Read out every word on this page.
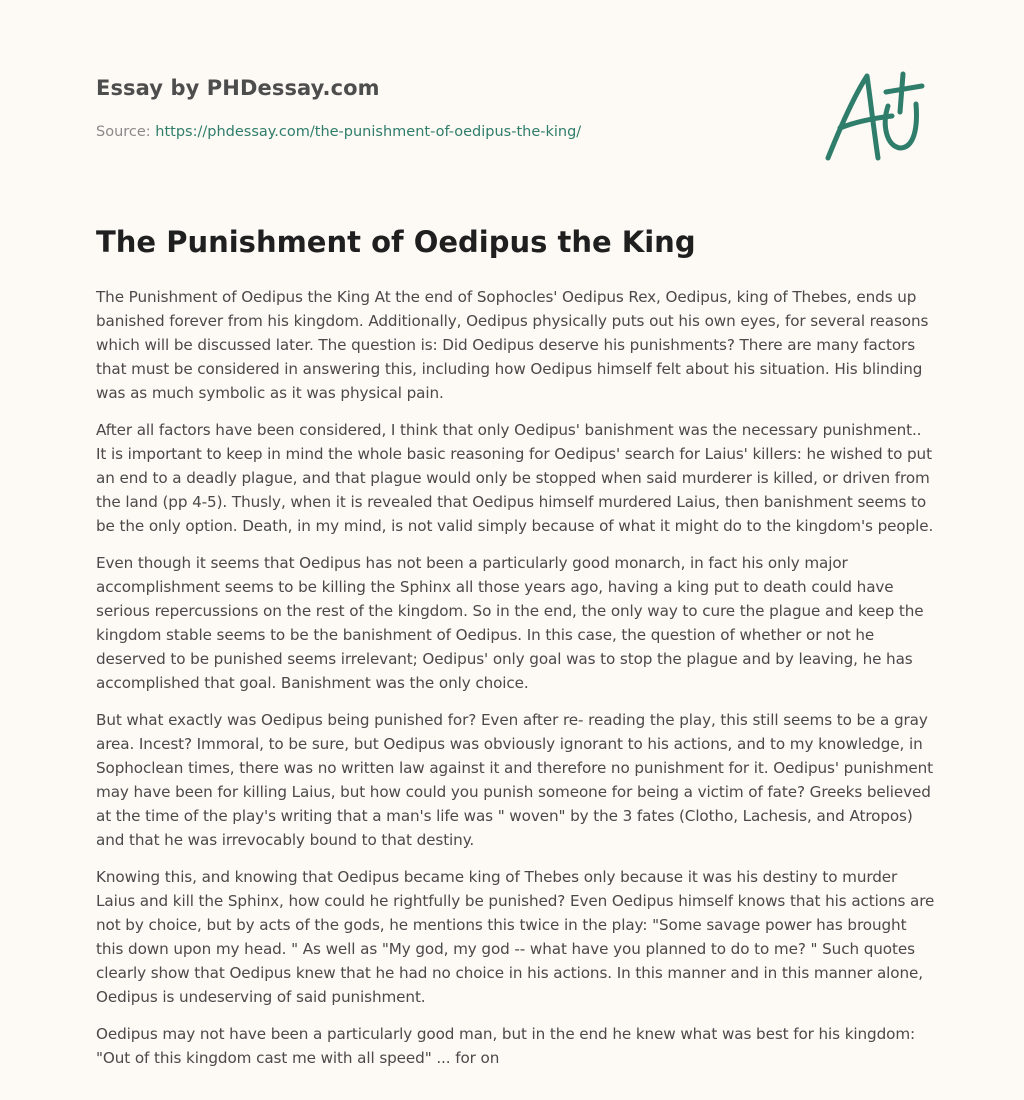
Essay by PHDessay.com
Source: https://phdessay.com/the-punishment-of-oedipus-the-king/
The Punishment of Oedipus the King

The Punishment of Oedipus the King At the end of Sophocles' Oedipus Rex, Oedipus, king of Thebes, ends up banished forever from his kingdom. Additionally, Oedipus physically puts out his own eyes, for several reasons which will be discussed later. The question is: Did Oedipus deserve his punishments? There are many factors that must be considered in answering this, including how Oedipus himself felt about his situation. His blinding was as much symbolic as it was physical pain.

After all factors have been considered, I think that only Oedipus' banishment was the necessary punishment.. It is important to keep in mind the whole basic reasoning for Oedipus' search for Laius' killers: he wished to put an end to a deadly plague, and that plague would only be stopped when said murderer is killed, or driven from the land (pp 4-5). Thusly, when it is revealed that Oedipus himself murdered Laius, then banishment seems to be the only option. Death, in my mind, is not valid simply because of what it might do to the kingdom's people.

Even though it seems that Oedipus has not been a particularly good monarch, in fact his only major accomplishment seems to be killing the Sphinx all those years ago, having a king put to death could have serious repercussions on the rest of the kingdom. So in the end, the only way to cure the plague and keep the kingdom stable seems to be the banishment of Oedipus. In this case, the question of whether or not he deserved to be punished seems irrelevant; Oedipus' only goal was to stop the plague and by leaving, he has accomplished that goal. Banishment was the only choice.

But what exactly was Oedipus being punished for? Even after re- reading the play, this still seems to be a gray area. Incest? Immoral, to be sure, but Oedipus was obviously ignorant to his actions, and to my knowledge, in Sophoclean times, there was no written law against it and therefore no punishment for it. Oedipus' punishment may have been for killing Laius, but how could you punish someone for being a victim of fate? Greeks believed at the time of the play's writing that a man's life was " woven" by the 3 fates (Clotho, Lachesis, and Atropos) and that he was irrevocably bound to that destiny.

Knowing this, and knowing that Oedipus became king of Thebes only because it was his destiny to murder Laius and kill the Sphinx, how could he rightfully be punished? Even Oedipus himself knows that his actions are not by choice, but by acts of the gods, he mentions this twice in the play: "Some savage power has brought this down upon my head. " As well as "My god, my god -- what have you planned to do to me? " Such quotes clearly show that Oedipus knew that he had no choice in his actions. In this manner and in this manner alone, Oedipus is undeserving of said punishment.

Oedipus may not have been a particularly good man, but in the end he knew what was best for his kingdom: "Out of this kingdom cast me with all speed" ... for on
